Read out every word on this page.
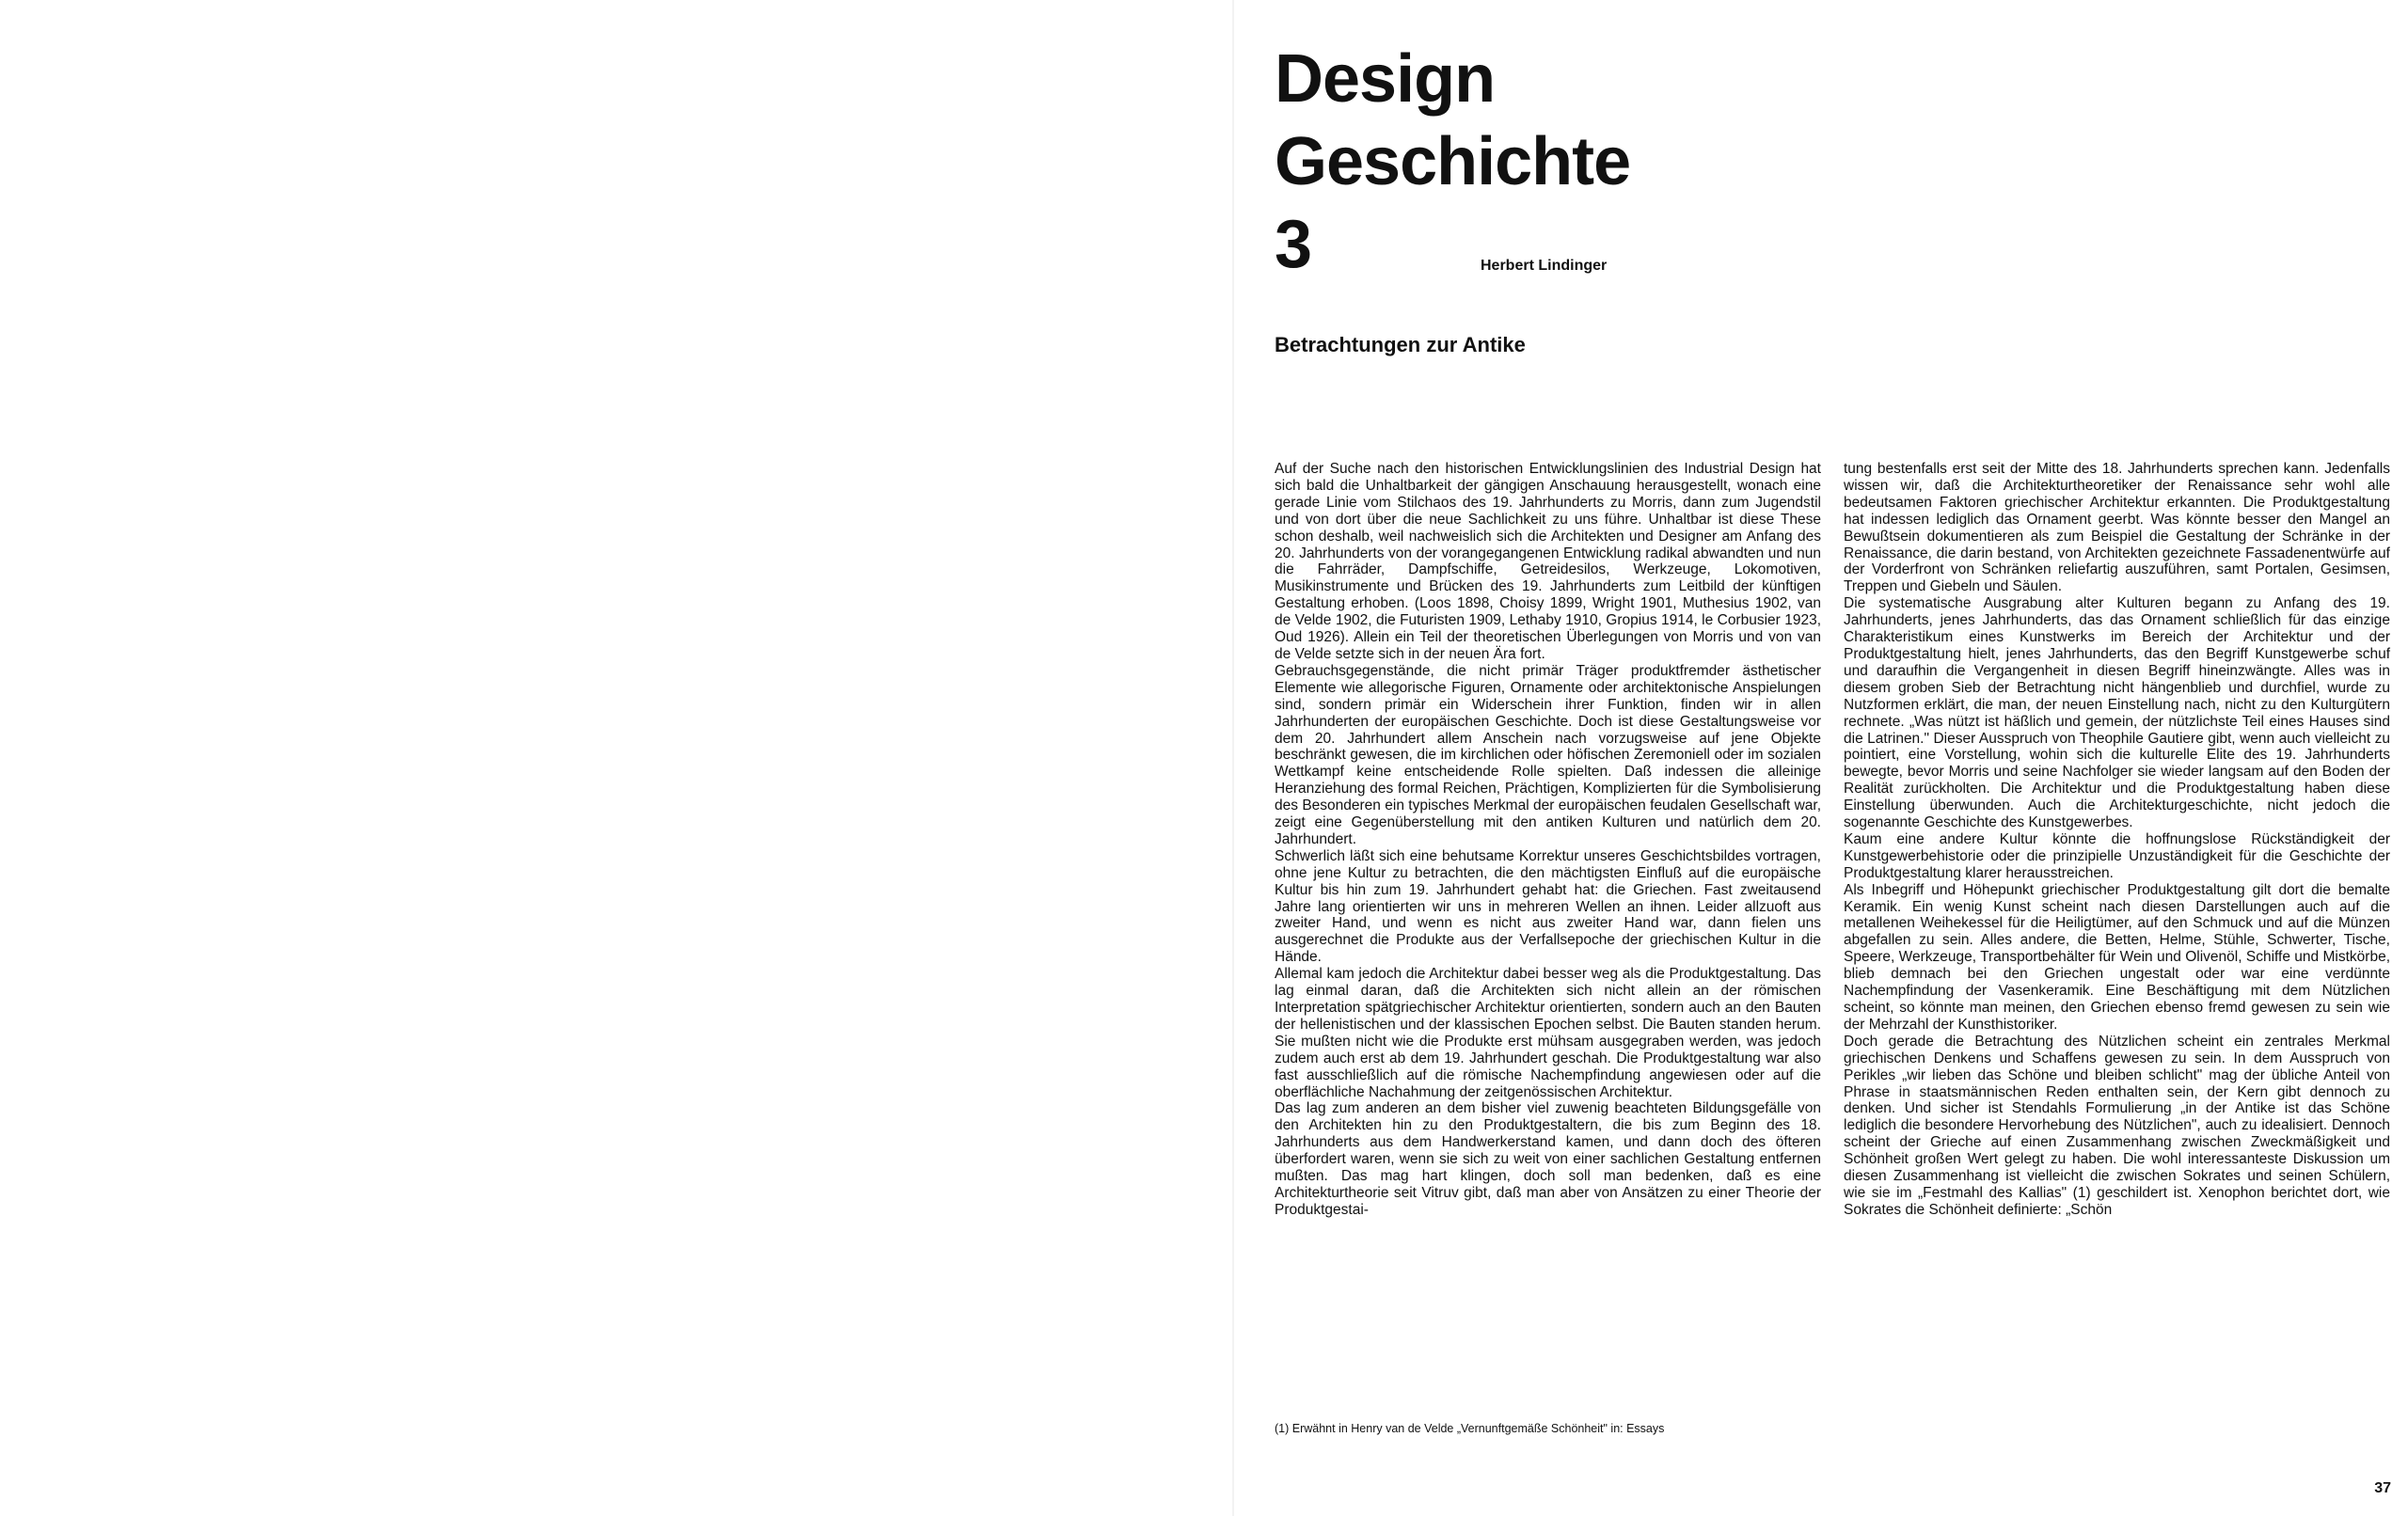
Design
Geschichte
3	Herbert Lindinger
Betrachtungen zur Antike

Auf der Suche nach den historischen Entwicklungslinien des Industrial Design hat sich bald die Unhaltbarkeit der gängigen Anschauung herausgestellt, wonach eine gerade Linie vom Stilchaos des 19. Jahrhunderts zu Morris, dann zum Jugendstil und von dort über die neue Sachlichkeit zu uns führe. Unhaltbar ist diese These schon deshalb, weil nachweislich sich die Architekten und Designer am Anfang des 20. Jahrhunderts von der vorangegangenen Entwicklung radikal abwandten und nun die Fahrräder, Dampfschiffe, Getreidesilos, Werkzeuge, Lokomotiven, Musikinstrumente und Brücken des 19. Jahrhunderts zum Leitbild der künftigen Gestaltung erhoben. (Loos 1898, Choisy 1899, Wright 1901, Muthesius 1902, van de Velde 1902, die Futuristen 1909, Lethaby 1910, Gropius 1914, le Corbusier 1923, Oud 1926). Allein ein Teil der theoretischen Überlegungen von Morris und von van de Velde setzte sich in der neuen Ära fort.

Gebrauchsgegenstände, die nicht primär Träger produktfremder ästhetischer Elemente wie allegorische Figuren, Ornamente oder architektonische Anspielungen sind, sondern primär ein Widerschein ihrer Funktion, finden wir in allen Jahrhunderten der europäischen Geschichte. Doch ist diese Gestaltungsweise vor dem 20. Jahrhundert allem Anschein nach vorzugsweise auf jene Objekte beschränkt gewesen, die im kirchlichen oder höfischen Zeremoniell oder im sozialen Wettkampf keine entscheidende Rolle spielten. Daß indessen die alleinige Heranziehung des formal Reichen, Prächtigen, Komplizierten für die Symbolisierung des Besonderen ein typisches Merkmal der europäischen feudalen Gesellschaft war, zeigt eine Gegenüberstellung mit den antiken Kulturen und natürlich dem 20. Jahrhundert.

Schwerlich läßt sich eine behutsame Korrektur unseres Geschichtsbildes vortragen, ohne jene Kultur zu betrachten, die den mächtigsten Einfluß auf die europäische Kultur bis hin zum 19. Jahrhundert gehabt hat: die Griechen. Fast zweitausend Jahre lang orientierten wir uns in mehreren Wellen an ihnen. Leider allzuoft aus zweiter Hand, und wenn es nicht aus zweiter Hand war, dann fielen uns ausgerechnet die Produkte aus der Verfallsepoche der griechischen Kultur in die Hände.

Allemal kam jedoch die Architektur dabei besser weg als die Produktgestaltung. Das lag einmal daran, daß die Architekten sich nicht allein an der römischen Interpretation spätgriechischer Architektur orientierten, sondern auch an den Bauten der hellenistischen und der klassischen Epochen selbst. Die Bauten standen herum. Sie mußten nicht wie die Produkte erst mühsam ausgegraben werden, was jedoch zudem auch erst ab dem 19. Jahrhundert geschah. Die Produktgestaltung war also fast ausschließlich auf die römische Nachempfindung angewiesen oder auf die oberflächliche Nachahmung der zeitgenössischen Architektur.

Das lag zum anderen an dem bisher viel zuwenig beachteten Bildungsgefälle von den Architekten hin zu den Produktgestaltern, die bis zum Beginn des 18. Jahrhunderts aus dem Handwerkerstand kamen, und dann doch des öfteren überfordert waren, wenn sie sich zu weit von einer sachlichen Gestaltung entfernen mußten. Das mag hart klingen, doch soll man bedenken, daß es eine Architekturtheorie seit Vitruv gibt, daß man aber von Ansätzen zu einer Theorie der Produktgestai-

(1) Erwähnt in Henry van de Velde „Vernunftgemäße Schönheit" in: Essays

tung bestenfalls erst seit der Mitte des 18. Jahrhunderts sprechen kann. Jedenfalls wissen wir, daß die Architekturtheoretiker der Renaissance sehr wohl alle bedeutsamen Faktoren griechischer Architektur erkannten. Die Produktgestaltung hat indessen lediglich das Ornament geerbt. Was könnte besser den Mangel an Bewußtsein dokumentieren als zum Beispiel die Gestaltung der Schränke in der Renaissance, die darin bestand, von Architekten gezeichnete Fassadenentwürfe auf der Vorderfront von Schränken reliefartig auszuführen, samt Portalen, Gesimsen, Treppen und Giebeln und Säulen.

Die systematische Ausgrabung alter Kulturen begann zu Anfang des 19. Jahrhunderts, jenes Jahrhunderts, das das Ornament schließlich für das einzige Charakteristikum eines Kunstwerks im Bereich der Architektur und der Produktgestaltung hielt, jenes Jahrhunderts, das den Begriff Kunstgewerbe schuf und daraufhin die Vergangenheit in diesen Begriff hineinzwängte. Alles was in diesem groben Sieb der Betrachtung nicht hängenblieb und durchfiel, wurde zu Nutzformen erklärt, die man, der neuen Einstellung nach, nicht zu den Kulturgütern rechnete. „Was nützt ist häßlich und gemein, der nützlichste Teil eines Hauses sind die Latrinen." Dieser Ausspruch von Theophile Gautiere gibt, wenn auch vielleicht zu pointiert, eine Vorstellung, wohin sich die kulturelle Elite des 19. Jahrhunderts bewegte, bevor Morris und seine Nachfolger sie wieder langsam auf den Boden der Realität zurückholten. Die Architektur und die Produktgestaltung haben diese Einstellung überwunden. Auch die Architekturgeschichte, nicht jedoch die sogenannte Geschichte des Kunstgewerbes.

Kaum eine andere Kultur könnte die hoffnungslose Rückständigkeit der Kunstgewerbehistorie oder die prinzipielle Unzuständigkeit für die Geschichte der Produktgestaltung klarer herausstreichen.

Als Inbegriff und Höhepunkt griechischer Produktgestaltung gilt dort die bemalte Keramik. Ein wenig Kunst scheint nach diesen Darstellungen auch auf die metallenen Weihekessel für die Heiligtümer, auf den Schmuck und auf die Münzen abgefallen zu sein. Alles andere, die Betten, Helme, Stühle, Schwerter, Tische, Speere, Werkzeuge, Transportbehälter für Wein und Olivenöl, Schiffe und Mistkörbe, blieb demnach bei den Griechen ungestalt oder war eine verdünnte Nachempfindung der Vasenkeramik. Eine Beschäftigung mit dem Nützlichen scheint, so könnte man meinen, den Griechen ebenso fremd gewesen zu sein wie der Mehrzahl der Kunsthistoriker.

Doch gerade die Betrachtung des Nützlichen scheint ein zentrales Merkmal griechischen Denkens und Schaffens gewesen zu sein. In dem Ausspruch von Perikles „wir lieben das Schöne und bleiben schlicht" mag der übliche Anteil von Phrase in staatsmännischen Reden enthalten sein, der Kern gibt dennoch zu denken. Und sicher ist Stendahls Formulierung „in der Antike ist das Schöne lediglich die besondere Hervorhebung des Nützlichen", auch zu idealisiert. Dennoch scheint der Grieche auf einen Zusammenhang zwischen Zweckmäßigkeit und Schönheit großen Wert gelegt zu haben. Die wohl interessanteste Diskussion um diesen Zusammenhang ist vielleicht die zwischen Sokrates und seinen Schülern, wie sie im „Festmahl des Kallias" (1) geschildert ist. Xenophon berichtet dort, wie Sokrates die Schönheit definierte: „Schön

37
